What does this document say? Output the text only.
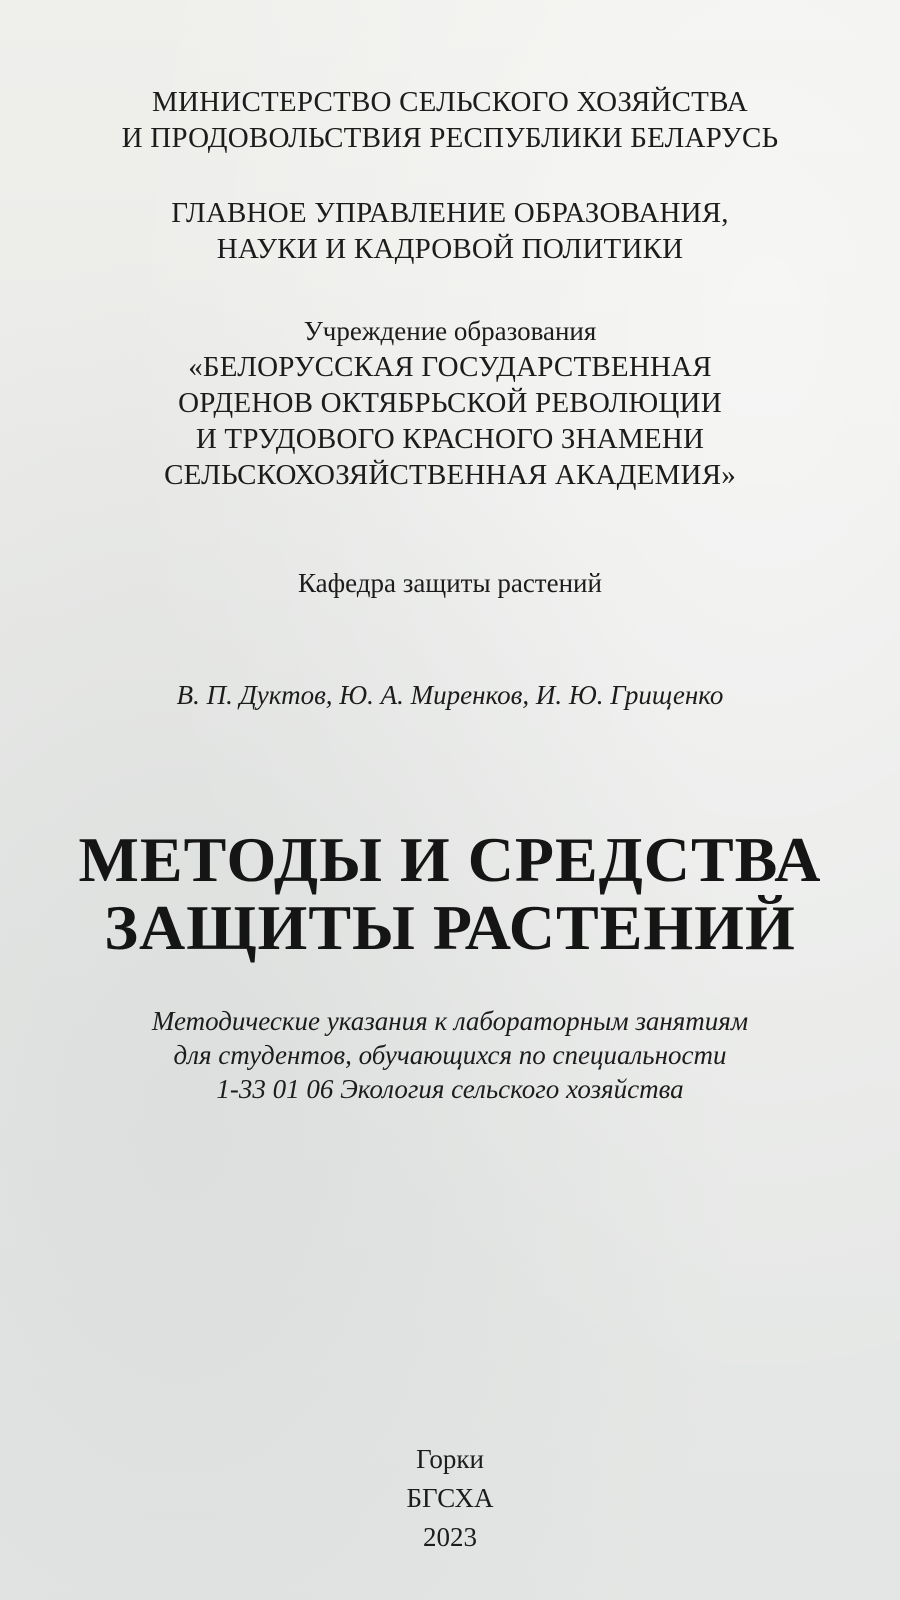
МИНИСТЕРСТВО СЕЛЬСКОГО ХОЗЯЙСТВА
И ПРОДОВОЛЬСТВИЯ РЕСПУБЛИКИ БЕЛАРУСЬ
ГЛАВНОЕ УПРАВЛЕНИЕ ОБРАЗОВАНИЯ,
НАУКИ И КАДРОВОЙ ПОЛИТИКИ
Учреждение образования
«БЕЛОРУССКАЯ ГОСУДАРСТВЕННАЯ
ОРДЕНОВ ОКТЯБРЬСКОЙ РЕВОЛЮЦИИ
И ТРУДОВОГО КРАСНОГО ЗНАМЕНИ
СЕЛЬСКОХОЗЯЙСТВЕННАЯ АКАДЕМИЯ»
Кафедра защиты растений
В. П. Дуктов, Ю. А. Миренков, И. Ю. Грищенко
МЕТОДЫ И СРЕДСТВА
ЗАЩИТЫ РАСТЕНИЙ
Методические указания к лабораторным занятиям
для студентов, обучающихся по специальности
1-33 01 06 Экология сельского хозяйства
Горки
БГСХА
2023
